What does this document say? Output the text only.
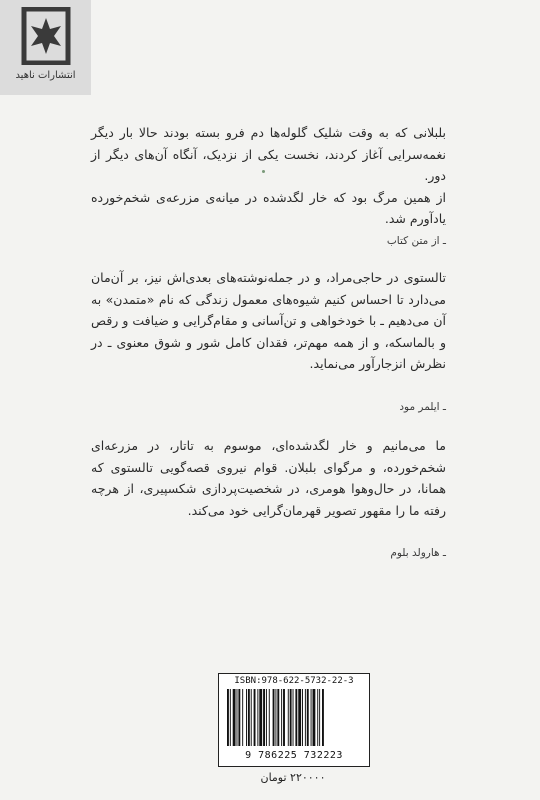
انتشارات ناهید

بلبلانی که به وقت شلیک گلوله‌ها دم فرو بسته بودند حالا بار دیگر نغمه‌سرایی آغاز کردند، نخست یکی از نزدیک، آنگاه آن‌های دیگر از دور.

از همین مرگ بود که خار لگدشده در میانه‌ی مزرعه‌ی شخم‌خورده یادآورم شد.

ـ از متن کتاب

تالستوی در حاجی‌مراد، و در جمله‌نوشته‌های بعدی‌اش نیز، بر آن‌مان می‌دارد تا احساس کنیم شیوه‌های معمول زندگی که نام «متمدن» به آن می‌دهیم ـ با خودخواهی و تن‌آسانی و مقام‌گرایی و ضیافت و رقص و بالماسکه، و از همه مهم‌تر، فقدان کامل شور و شوق معنوی ـ در نظرش انزجارآور می‌نماید.

ـ ایلمر مود

ما می‌مانیم و خار لگدشده‌ای، موسوم به تاتار، در مزرعه‌ای شخم‌خورده، و مرگوای بلبلان. قوام نیروی قصه‌گویی تالستوی که همانا، در حال‌وهوا هومری، در شخصیت‌پردازی شکسپیری، از هرچه رفته ما را مقهور تصویر قهرمان‌گرایی خود می‌کند.

ـ هارولد بلوم
ISBN:978-622-5732-22-3
9 786225 732223
۲۲۰۰۰۰ تومان
